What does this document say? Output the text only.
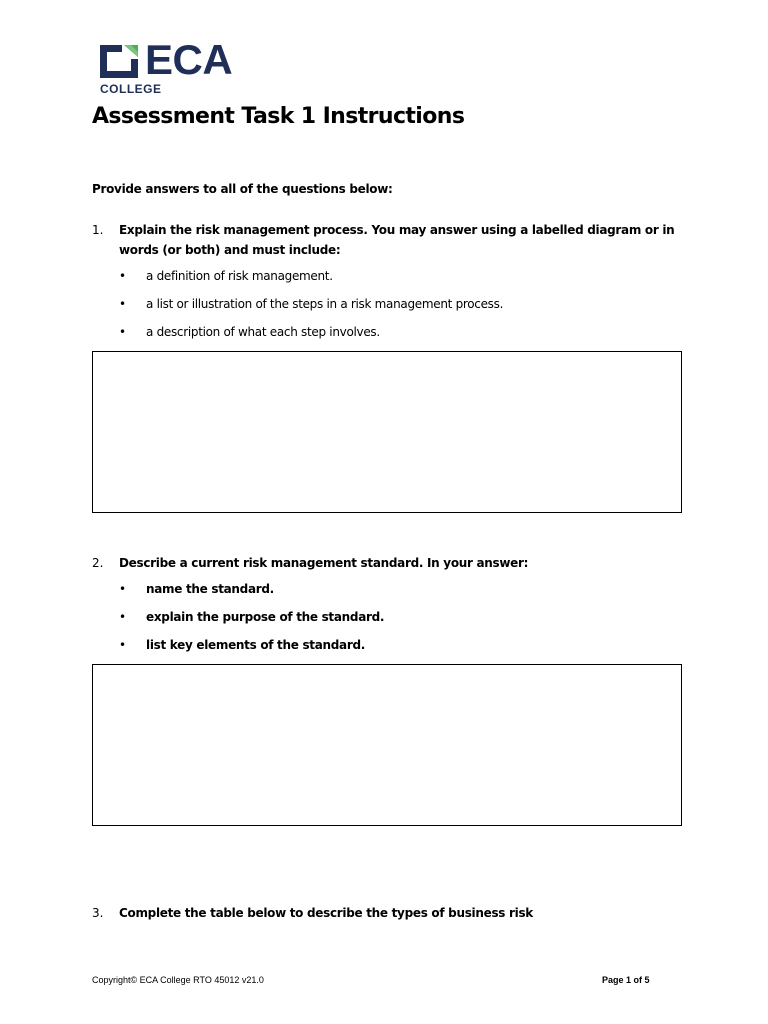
ECA
COLLEGE
Assessment Task 1 Instructions
Provide answers to all of the questions below:
1. Explain the risk management process. You may answer using a labelled diagram or in words (or both) and must include:
• a definition of risk management.
• a list or illustration of the steps in a risk management process.
• a description of what each step involves.
2. Describe a current risk management standard. In your answer:
• name the standard.
• explain the purpose of the standard.
• list key elements of the standard.
3. Complete the table below to describe the types of business risk
Copyright© ECA College RTO 45012 v21.0	Page 1 of 5
